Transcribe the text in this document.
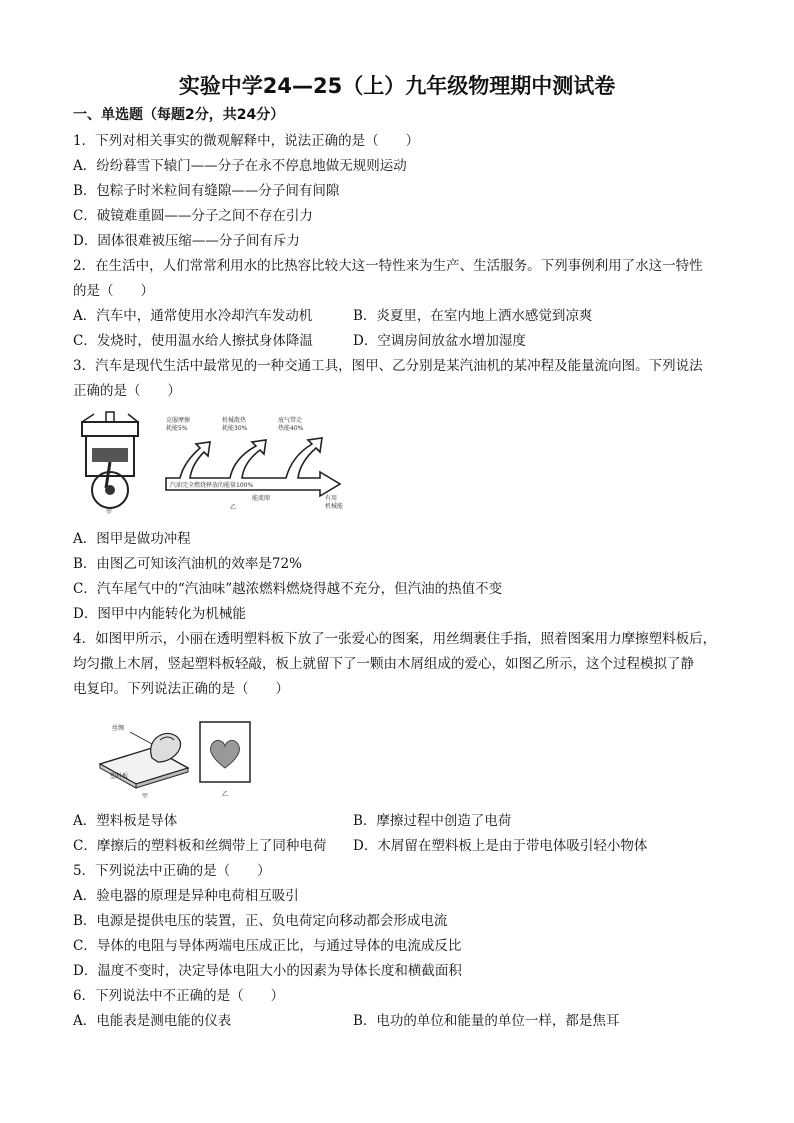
实验中学24—25（上）九年级物理期中测试卷
一、单选题（每题2分，共24分）
1．下列对相关事实的微观解释中，说法正确的是（　　）
A．纷纷暮雪下辕门——分子在永不停息地做无规则运动
B．包粽子时米粒间有缝隙——分子间有间隙
C．破镜难重圆——分子之间不存在引力
D．固体很难被压缩——分子间有斥力
2．在生活中，人们常常利用水的比热容比较大这一特性来为生产、生活服务。下列事例利用了水这一特性
的是（　　）
A．汽车中，通常使用水冷却汽车发动机	B．炎夏里，在室内地上洒水感觉到凉爽
C．发烧时，使用温水给人擦拭身体降温	D．空调房间放盆水增加湿度
3．汽车是现代生活中最常见的一种交通工具，图甲、乙分别是某汽油机的某冲程及能量流向图。下列说法
正确的是（　　）
甲
克服摩擦
耗能5%
机械散热
耗能30%
废气带走
热能40%
汽油完全燃烧释放的能量100%
有用
机械能
能流图
乙
A．图甲是做功冲程
B．由图乙可知该汽油机的效率是72%
C．汽车尾气中的“汽油味”越浓燃料燃烧得越不充分，但汽油的热值不变
D．图甲中内能转化为机械能
4．如图甲所示，小丽在透明塑料板下放了一张爱心的图案，用丝绸裹住手指，照着图案用力摩擦塑料板后，
均匀撒上木屑，竖起塑料板轻敲，板上就留下了一颗由木屑组成的爱心，如图乙所示，这个过程模拟了静
电复印。下列说法正确的是（　　）
丝绸
塑料板
甲	乙
A．塑料板是导体	B．摩擦过程中创造了电荷
C．摩擦后的塑料板和丝绸带上了同种电荷 D．木屑留在塑料板上是由于带电体吸引轻小物体
5．下列说法中正确的是（　　）
A．验电器的原理是异种电荷相互吸引
B．电源是提供电压的装置，正、负电荷定向移动都会形成电流
C．导体的电阻与导体两端电压成正比，与通过导体的电流成反比
D．温度不变时，决定导体电阻大小的因素为导体长度和横截面积
6．下列说法中不正确的是（　　）
A．电能表是测电能的仪表	B．电功的单位和能量的单位一样，都是焦耳
